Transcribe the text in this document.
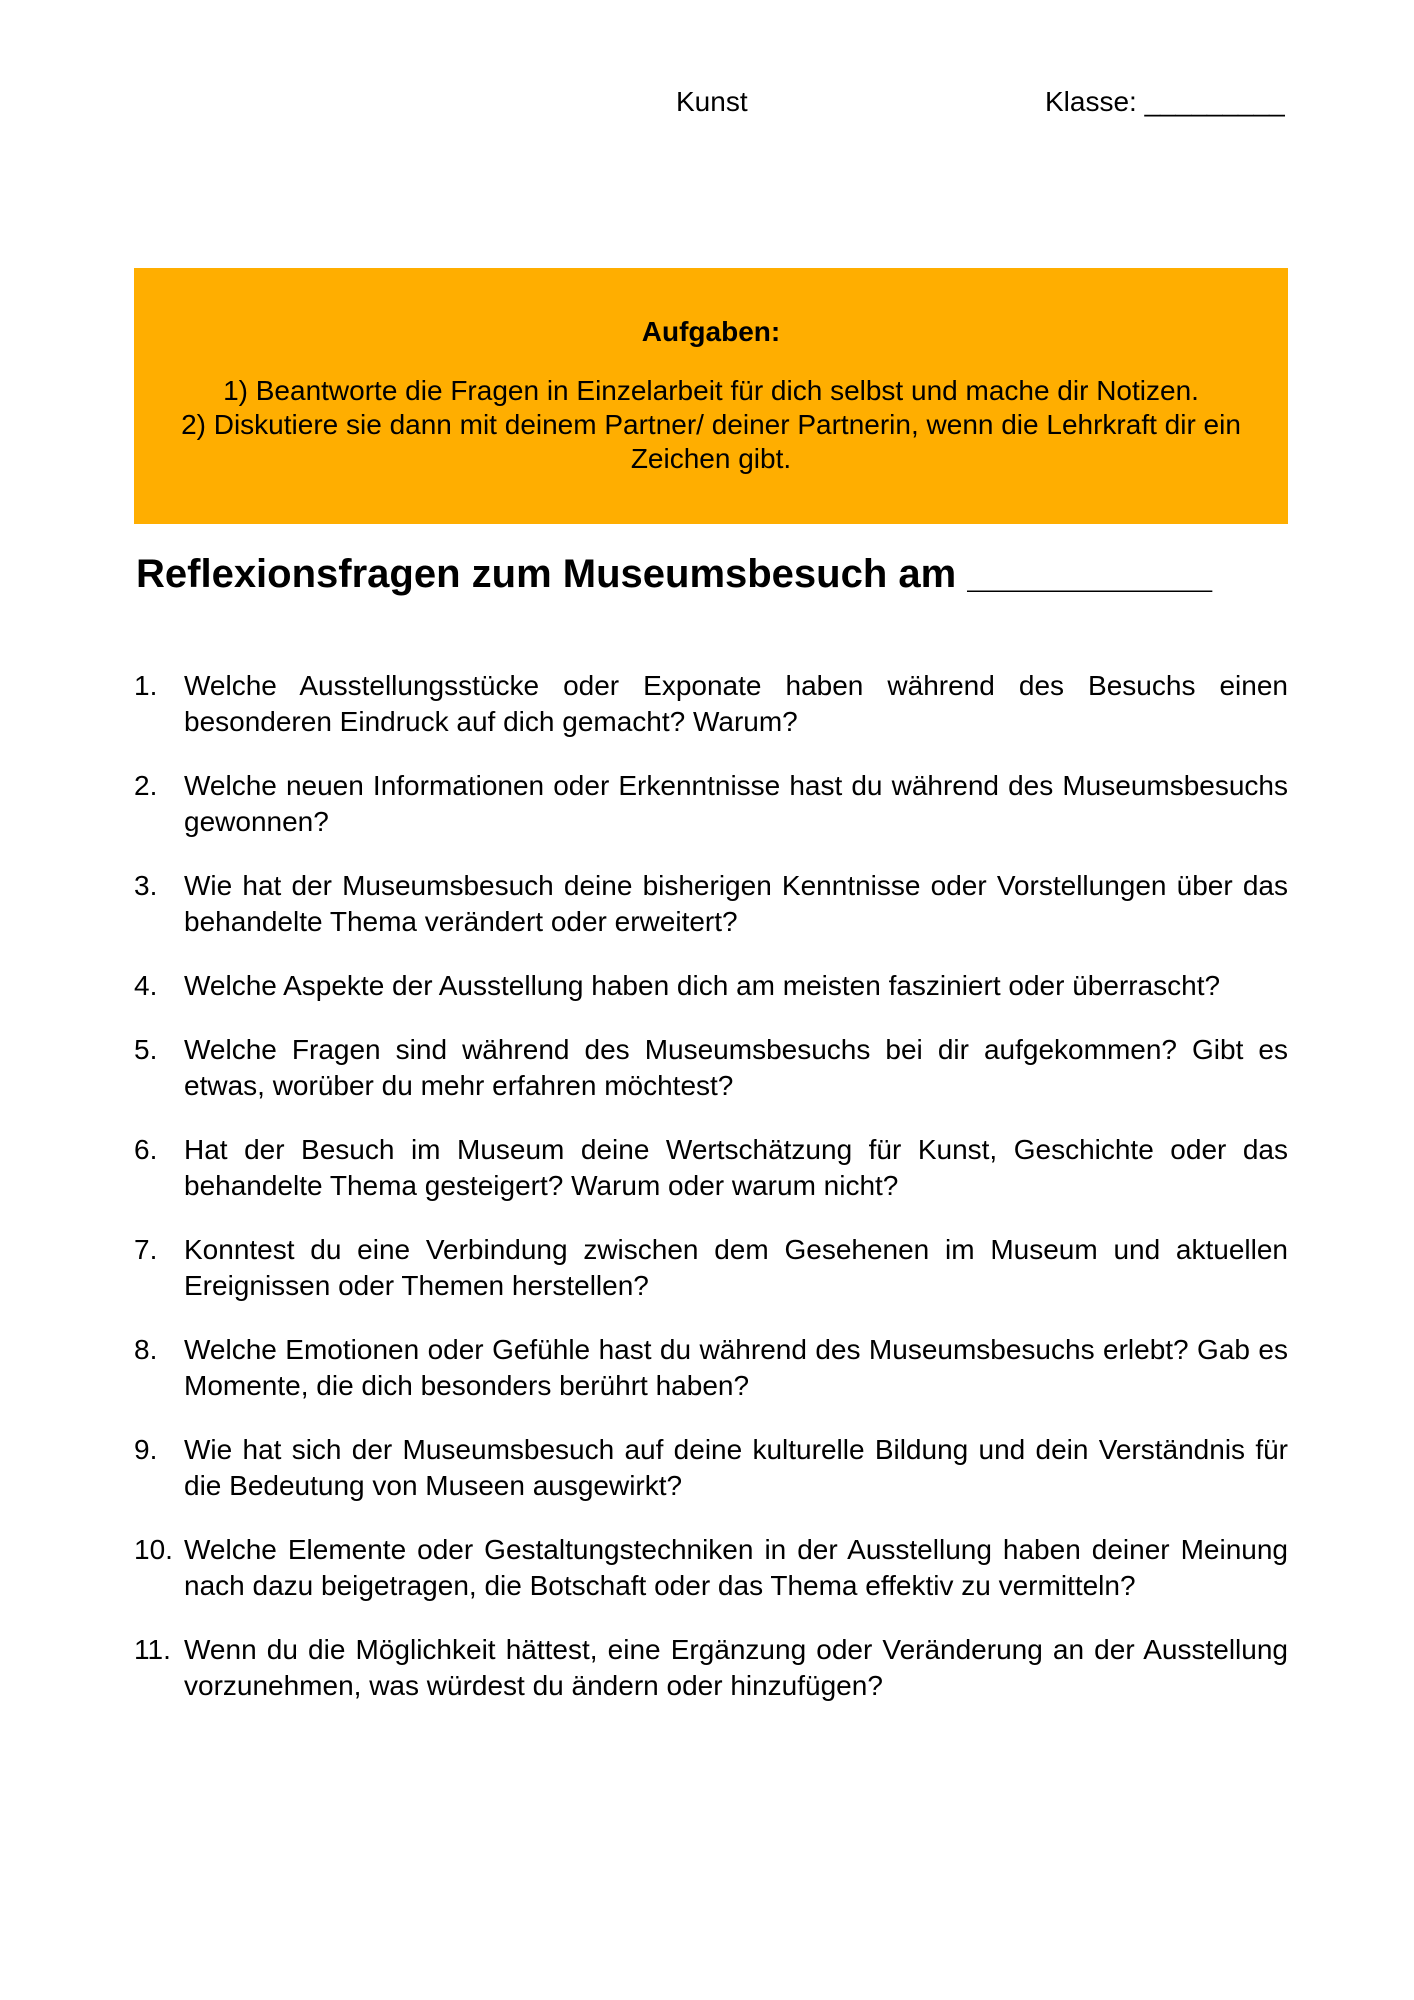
Kunst	Klasse: _________
Aufgaben:
1) Beantworte die Fragen in Einzelarbeit für dich selbst und mache dir Notizen.
2) Diskutiere sie dann mit deinem Partner/ deiner Partnerin, wenn die Lehrkraft dir ein Zeichen gibt.
Reflexionsfragen zum Museumsbesuch am ___________
1. Welche Ausstellungsstücke oder Exponate haben während des Besuchs einen besonderen Eindruck auf dich gemacht? Warum?
2. Welche neuen Informationen oder Erkenntnisse hast du während des Museumsbesuchs gewonnen?
3. Wie hat der Museumsbesuch deine bisherigen Kenntnisse oder Vorstellungen über das behandelte Thema verändert oder erweitert?
4. Welche Aspekte der Ausstellung haben dich am meisten fasziniert oder überrascht?
5. Welche Fragen sind während des Museumsbesuchs bei dir aufgekommen? Gibt es etwas, worüber du mehr erfahren möchtest?
6. Hat der Besuch im Museum deine Wertschätzung für Kunst, Geschichte oder das behandelte Thema gesteigert? Warum oder warum nicht?
7. Konntest du eine Verbindung zwischen dem Gesehenen im Museum und aktuellen Ereignissen oder Themen herstellen?
8. Welche Emotionen oder Gefühle hast du während des Museumsbesuchs erlebt? Gab es Momente, die dich besonders berührt haben?
9. Wie hat sich der Museumsbesuch auf deine kulturelle Bildung und dein Verständnis für die Bedeutung von Museen ausgewirkt?
10. Welche Elemente oder Gestaltungstechniken in der Ausstellung haben deiner Meinung nach dazu beigetragen, die Botschaft oder das Thema effektiv zu vermitteln?
11. Wenn du die Möglichkeit hättest, eine Ergänzung oder Veränderung an der Ausstellung vorzunehmen, was würdest du ändern oder hinzufügen?
